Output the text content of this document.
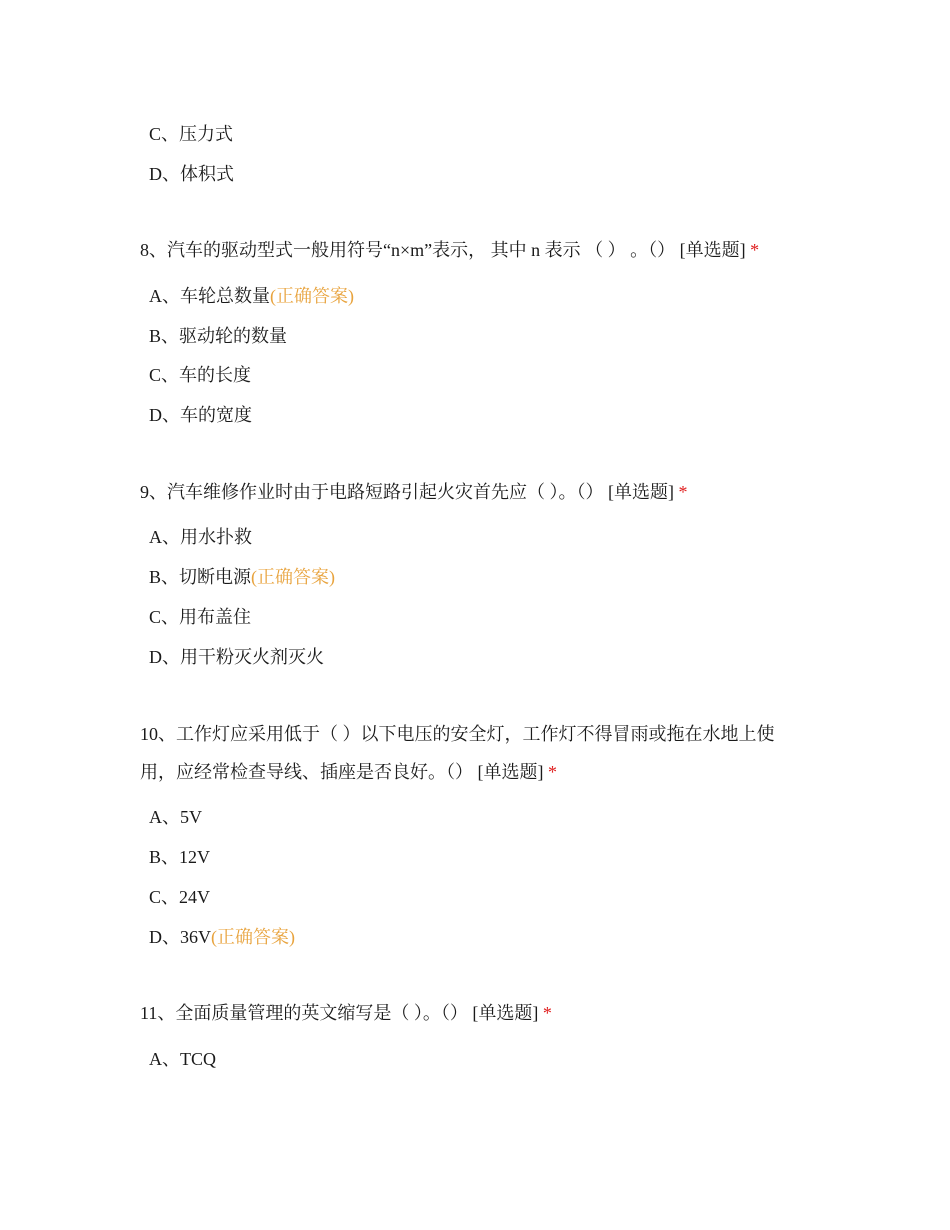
C、压力式
D、体积式
8、汽车的驱动型式一般用符号“n×m”表示， 其中 n 表示 （ ） 。（） [单选题] *
A、车轮总数量(正确答案)
B、驱动轮的数量
C、车的长度
D、车的宽度
9、汽车维修作业时由于电路短路引起火灾首先应（ ）。（） [单选题] *
A、用水扑救
B、切断电源(正确答案)
C、用布盖住
D、用干粉灭火剂灭火
10、工作灯应采用低于（ ）以下电压的安全灯，工作灯不得冒雨或拖在水地上使
用，应经常检查导线、插座是否良好。（） [单选题] *
A、5V
B、12V
C、24V
D、36V(正确答案)
11、全面质量管理的英文缩写是（ ）。（） [单选题] *
A、TCQ
